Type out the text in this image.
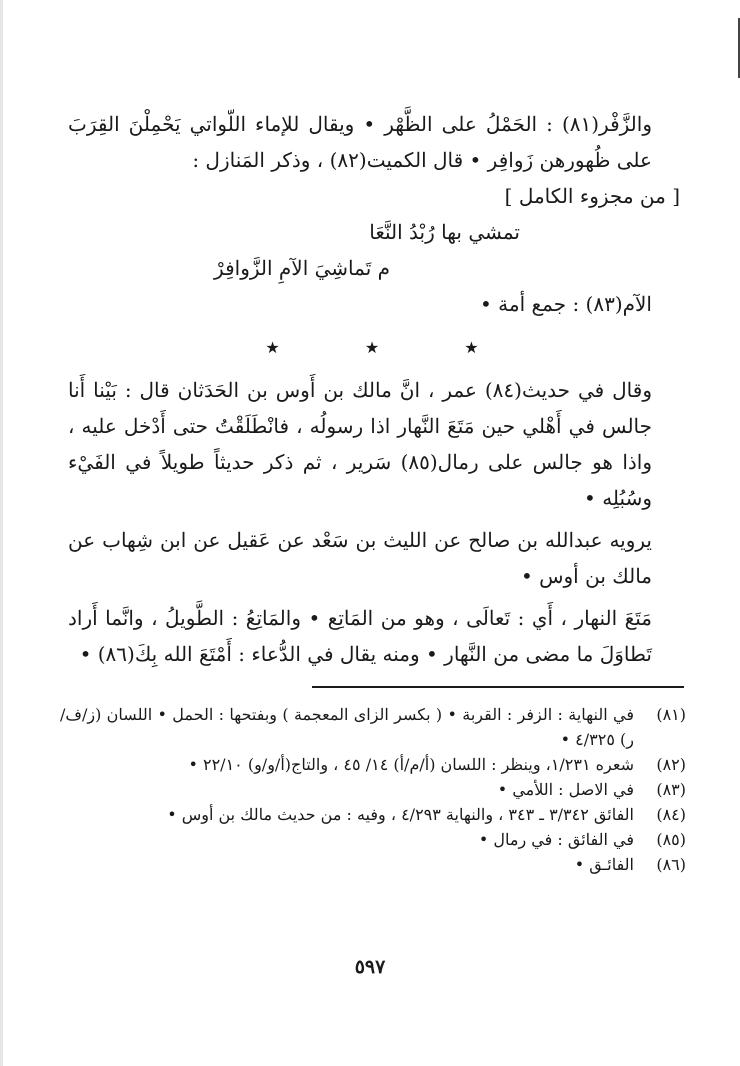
والزَّفْر(٨١) : الحَمْلُ على الظَّهْر • ويقال للإماء اللّواتي يَحْمِلْنَ القِرَبَ على ظُهورهن زَوافِر • قال الكميت(٨٢) ، وذكر المَنازل :

[ من مجزوء الكامل ]

تمشي بها رُبْدُ النَّعَا

م تَماشِيَ الآمِ الزَّوافِرْ

الآم(٨٣) : جمع أمة •

★ ★ ★

وقال في حديث(٨٤) عمر ، انَّ مالك بن أَوس بن الحَدَثان قال : بَيْنا أَنا جالس في أَهْلي حين مَتَعَ النَّهار اذا رسولُه ، فانْطَلَقْتُ حتى أَدْخل عليه ، واذا هو جالس على رمال(٨٥) سَرير ، ثم ذكر حديثاً طويلاً في الفَيْء وسُبُلِه •

يرويه عبدالله بن صالح عن الليث بن سَعْد عن عَقيل عن ابن شِهاب عن مالك بن أوس •

مَتَعَ النهار ، أَي : تَعالَى ، وهو من المَاتِع • والمَاتِعُ : الطَّويلُ ، وانَّما أَراد تَطاوَلَ ما مضى من النَّهار • ومنه يقال في الدُّعاء : أَمْتَعَ الله بِكَ(٨٦) •

(٨١)
في النهاية : الزفر : القربة • ( بكسر الزاى المعجمة ) وبفتحها : الحمل • اللسان (ز/ف/ر) ٤/٣٢٥ •
(٨٢)
شعره ١/٢٣١، وينظر : اللسان (أ/م/أ) ١٤/ ٤٥ ، والتاج(أ/و/و) ٢٢/١٠ •
(٨٣)
في الاصل : اللأمي •
(٨٤)
الفائق ٣/٣٤٢ ـ ٣٤٣ ، والنهاية ٤/٢٩٣ ، وفيه : من حديث مالك بن أوس •
(٨٥)
في الفائق : في رمال •
(٨٦)
الفائـق •
٥٩٧
